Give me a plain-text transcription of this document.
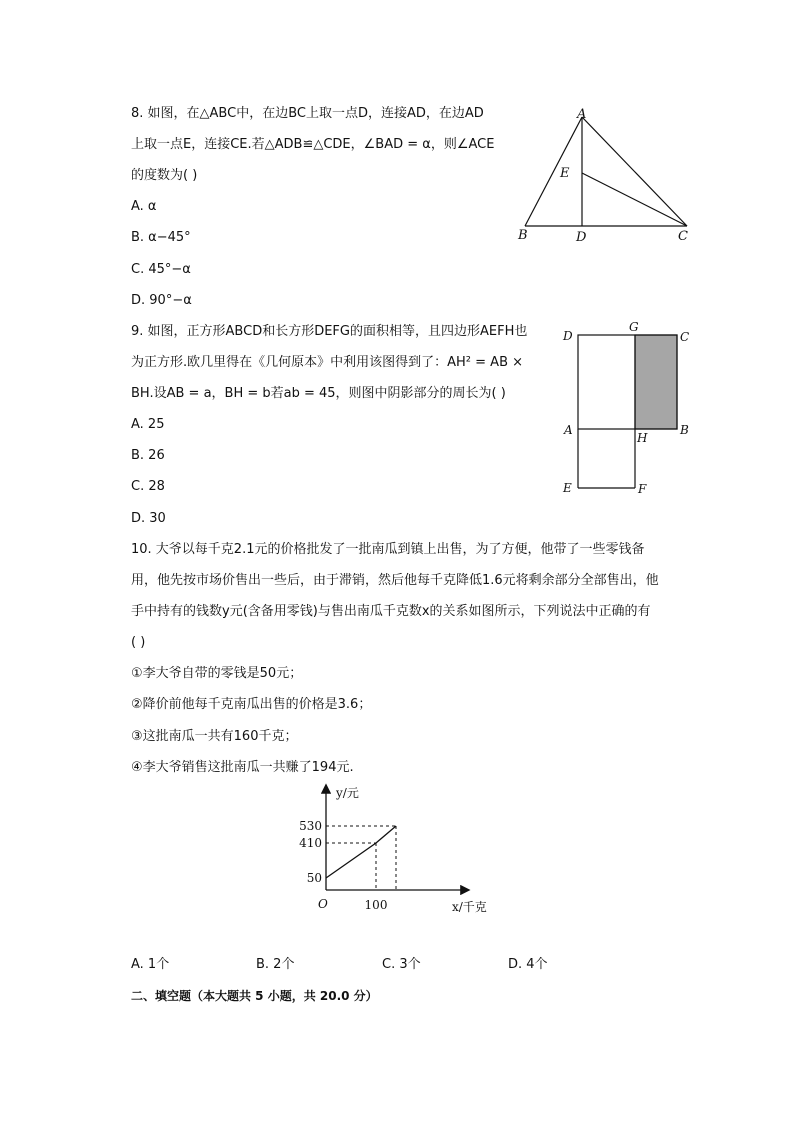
8. 如图，在△ABC中，在边BC上取一点D，连接AD，在边AD
上取一点E，连接CE.若△ADB≌△CDE，∠BAD = α，则∠ACE
的度数为( )
A. α
B. α−45°
C. 45°−α
D. 90°−α
A
E
B	D	C
9. 如图，正方形ABCD和长方形DEFG的面积相等，且四边形AEFH也
为正方形.欧几里得在《几何原本》中利用该图得到了：AH² = AB ×
BH.设AB = a，BH = b若ab = 45，则图中阴影部分的周长为( )
A. 25
B. 26
C. 28
D. 30
D
G
C
A
H
B
E	F
10. 大爷以每千克2.1元的价格批发了一批南瓜到镇上出售，为了方便，他带了一些零钱备
用，他先按市场价售出一些后，由于滞销，然后他每千克降低1.6元将剩余部分全部售出，他
手中持有的钱数y元(含备用零钱)与售出南瓜千克数x的关系如图所示，下列说法中正确的有
( )
①李大爷自带的零钱是50元；
②降价前他每千克南瓜出售的价格是3.6；
③这批南瓜一共有160千克；
④李大爷销售这批南瓜一共赚了194元.
530
410
50
100
y/元
x/千克
O
A. 1个	B. 2个	C. 3个	D. 4个
二、填空题（本大题共 5 小题，共 20.0 分）
